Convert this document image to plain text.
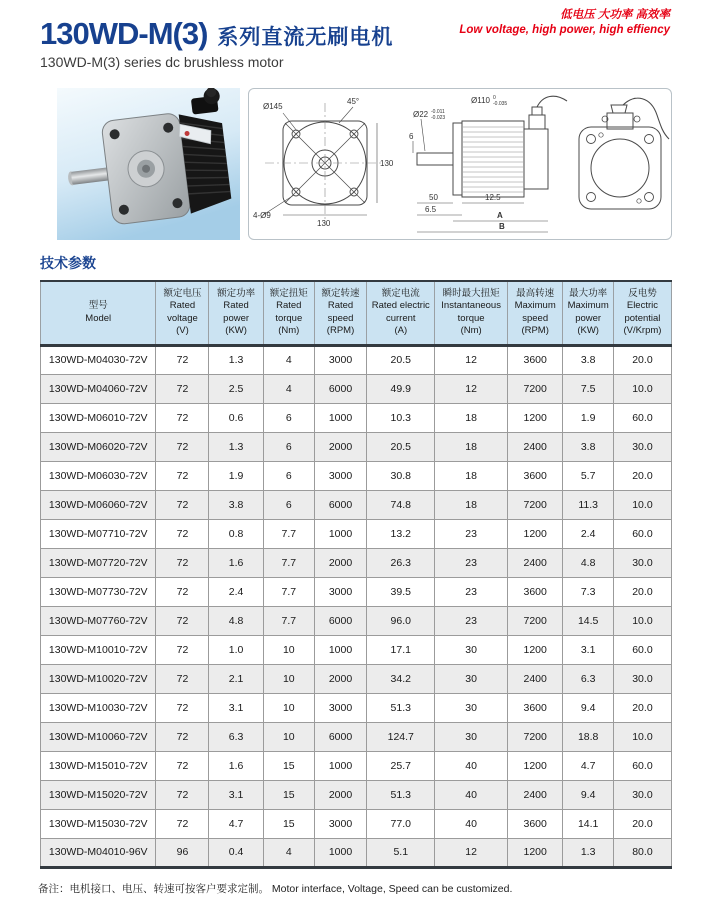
130WD-M(3) 系列直流无刷电机
130WD-M(3) series dc brushless motor
低电压 大功率 高效率
Low voltage, high power, high effiency
Ø145
45°
130
4-Ø9
130
Ø22 -0.011
-0.023
Ø110 0
-0.035
6
50	12.5
6.5
A
B
技术参数
型号
Model

额定电压
Rated voltage
(V)

额定功率
Rated power
(KW)

额定扭矩
Rated torque
(Nm)

额定转速
Rated speed
(RPM)

额定电流
Rated electric current
(A)

瞬时最大扭矩
Instantaneous torque
(Nm)

最高转速
Maximum speed
(RPM)

最大功率
Maximum power
(KW)

反电势
Electric potential
(V/Krpm)

130WD-M04030-72V	72	1.3	4	3000	20.5	12	3600	3.8	20.0
130WD-M04060-72V	72	2.5	4	6000	49.9	12	7200	7.5	10.0
130WD-M06010-72V	72	0.6	6	1000	10.3	18	1200	1.9	60.0
130WD-M06020-72V	72	1.3	6	2000	20.5	18	2400	3.8	30.0
130WD-M06030-72V	72	1.9	6	3000	30.8	18	3600	5.7	20.0
130WD-M06060-72V	72	3.8	6	6000	74.8	18	7200	11.3	10.0
130WD-M07710-72V	72	0.8	7.7	1000	13.2	23	1200	2.4	60.0
130WD-M07720-72V	72	1.6	7.7	2000	26.3	23	2400	4.8	30.0
130WD-M07730-72V	72	2.4	7.7	3000	39.5	23	3600	7.3	20.0
130WD-M07760-72V	72	4.8	7.7	6000	96.0	23	7200	14.5	10.0
130WD-M10010-72V	72	1.0	10	1000	17.1	30	1200	3.1	60.0
130WD-M10020-72V	72	2.1	10	2000	34.2	30	2400	6.3	30.0
130WD-M10030-72V	72	3.1	10	3000	51.3	30	3600	9.4	20.0
130WD-M10060-72V	72	6.3	10	6000	124.7	30	7200	18.8	10.0
130WD-M15010-72V	72	1.6	15	1000	25.7	40	1200	4.7	60.0
130WD-M15020-72V	72	3.1	15	2000	51.3	40	2400	9.4	30.0
130WD-M15030-72V	72	4.7	15	3000	77.0	40	3600	14.1	20.0
130WD-M04010-96V	96	0.4	4	1000	5.1	12	1200	1.3	80.0
备注：电机接口、电压、转速可按客户要求定制。 Motor interface, Voltage, Speed can be customized.
